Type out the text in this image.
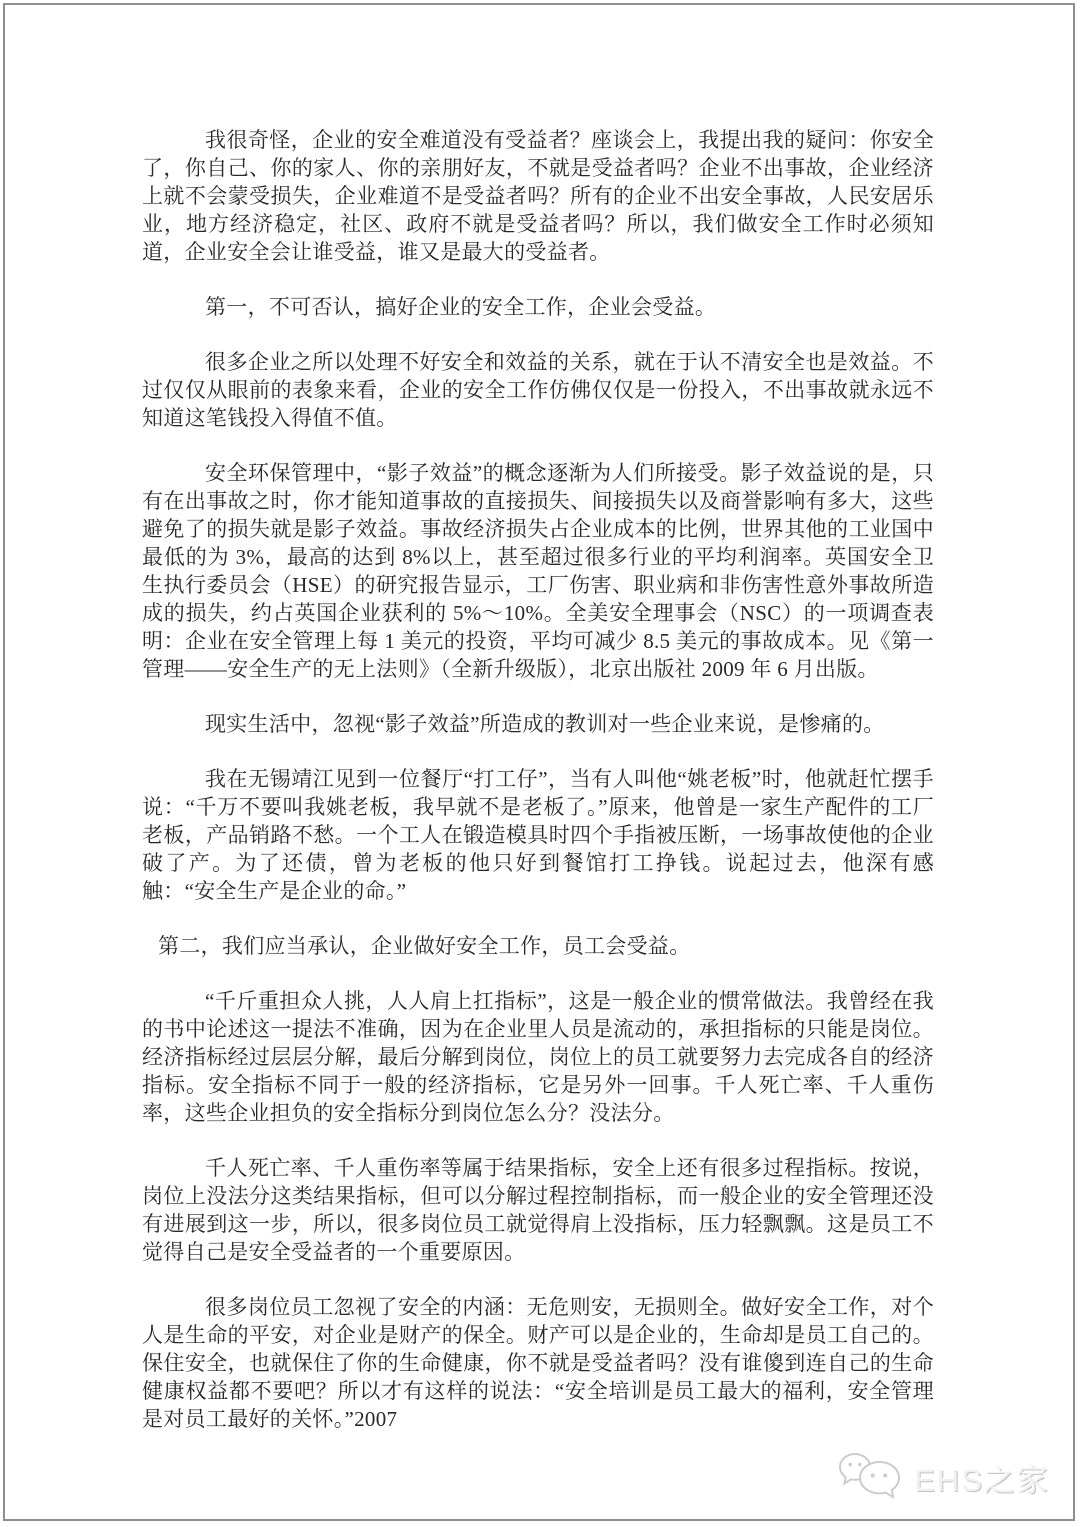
我很奇怪，企业的安全难道没有受益者？座谈会上，我提出我的疑问：你安全了，你自己、你的家人、你的亲朋好友，不就是受益者吗？企业不出事故，企业经济上就不会蒙受损失，企业难道不是受益者吗？所有的企业不出安全事故，人民安居乐业，地方经济稳定，社区、政府不就是受益者吗？所以，我们做安全工作时必须知道，企业安全会让谁受益，谁又是最大的受益者。

第一，不可否认，搞好企业的安全工作，企业会受益。

很多企业之所以处理不好安全和效益的关系，就在于认不清安全也是效益。不过仅仅从眼前的表象来看，企业的安全工作仿佛仅仅是一份投入，不出事故就永远不知道这笔钱投入得值不值。

安全环保管理中，“影子效益”的概念逐渐为人们所接受。影子效益说的是，只有在出事故之时，你才能知道事故的直接损失、间接损失以及商誉影响有多大，这些避免了的损失就是影子效益。事故经济损失占企业成本的比例，世界其他的工业国中最低的为 3%，最高的达到 8%以上，甚至超过很多行业的平均利润率。英国安全卫生执行委员会（HSE）的研究报告显示，工厂伤害、职业病和非伤害性意外事故所造成的损失，约占英国企业获利的 5%～10%。全美安全理事会（NSC）的一项调查表明：企业在安全管理上每 1 美元的投资，平均可减少 8.5 美元的事故成本。见《第一管理——安全生产的无上法则》（全新升级版），北京出版社 2009 年 6 月出版。

现实生活中，忽视“影子效益”所造成的教训对一些企业来说，是惨痛的。

我在无锡靖江见到一位餐厅“打工仔”，当有人叫他“姚老板”时，他就赶忙摆手说：“千万不要叫我姚老板，我早就不是老板了。”原来，他曾是一家生产配件的工厂老板，产品销路不愁。一个工人在锻造模具时四个手指被压断，一场事故使他的企业破了产。为了还债，曾为老板的他只好到餐馆打工挣钱。说起过去，他深有感触：“安全生产是企业的命。”

第二，我们应当承认，企业做好安全工作，员工会受益。

“千斤重担众人挑，人人肩上扛指标”，这是一般企业的惯常做法。我曾经在我的书中论述这一提法不准确，因为在企业里人员是流动的，承担指标的只能是岗位。经济指标经过层层分解，最后分解到岗位，岗位上的员工就要努力去完成各自的经济指标。安全指标不同于一般的经济指标，它是另外一回事。千人死亡率、千人重伤率，这些企业担负的安全指标分到岗位怎么分？没法分。

千人死亡率、千人重伤率等属于结果指标，安全上还有很多过程指标。按说，岗位上没法分这类结果指标，但可以分解过程控制指标，而一般企业的安全管理还没有进展到这一步，所以，很多岗位员工就觉得肩上没指标，压力轻飘飘。这是员工不觉得自己是安全受益者的一个重要原因。

很多岗位员工忽视了安全的内涵：无危则安，无损则全。做好安全工作，对个人是生命的平安，对企业是财产的保全。财产可以是企业的，生命却是员工自己的。保住安全，也就保住了你的生命健康，你不就是受益者吗？没有谁傻到连自己的生命健康权益都不要吧？所以才有这样的说法：“安全培训是员工最大的福利，安全管理是对员工最好的关怀。”2007

EHS之家
